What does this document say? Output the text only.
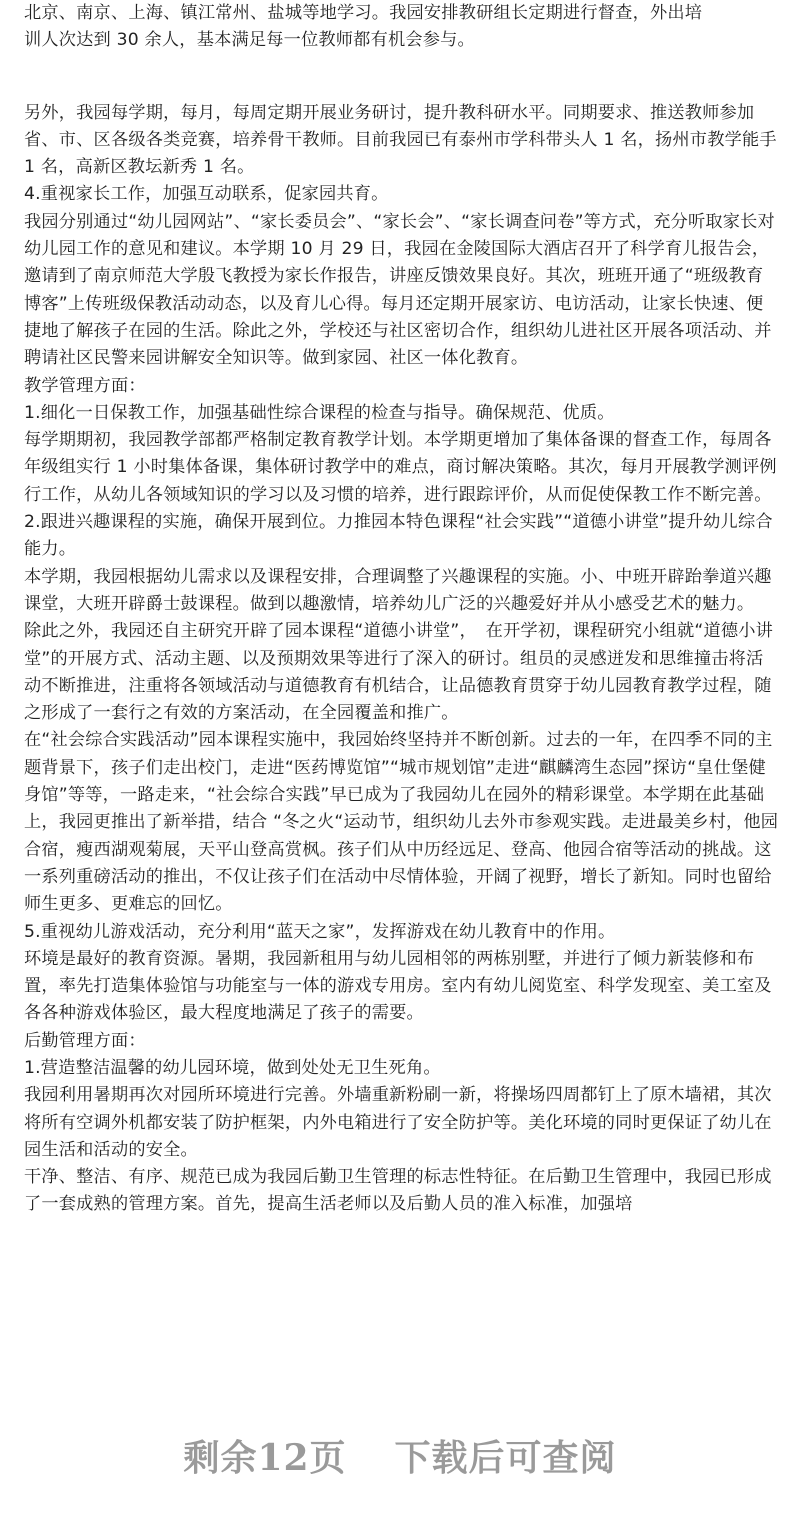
北京、南京、上海、镇江常州、盐城等地学习。我园安排教研组长定期进行督查，外出培

训人次达到 30 余人，基本满足每一位教师都有机会参与。

另外，我园每学期，每月，每周定期开展业务研讨，提升教科研水平。同期要求、推送教师参加省、市、区各级各类竞赛，培养骨干教师。目前我园已有泰州市学科带头人 1 名，扬州市教学能手 1 名，高新区教坛新秀 1 名。

4.重视家长工作，加强互动联系，促家园共育。

我园分别通过“幼儿园网站”、“家长委员会”、“家长会”、“家长调查问卷”等方式，充分听取家长对幼儿园工作的意见和建议。本学期 10 月 29 日，我园在金陵国际大酒店召开了科学育儿报告会，邀请到了南京师范大学殷飞教授为家长作报告，讲座反馈效果良好。其次，班班开通了“班级教育博客”上传班级保教活动动态，以及育儿心得。每月还定期开展家访、电访活动，让家长快速、便捷地了解孩子在园的生活。除此之外，学校还与社区密切合作，组织幼儿进社区开展各项活动、并聘请社区民警来园讲解安全知识等。做到家园、社区一体化教育。

教学管理方面：

1.细化一日保教工作，加强基础性综合课程的检查与指导。确保规范、优质。

每学期期初，我园教学部都严格制定教育教学计划。本学期更增加了集体备课的督查工作，每周各年级组实行 1 小时集体备课，集体研讨教学中的难点，商讨解决策略。其次，每月开展教学测评例行工作，从幼儿各领域知识的学习以及习惯的培养，进行跟踪评价，从而促使保教工作不断完善。

2.跟进兴趣课程的实施，确保开展到位。力推园本特色课程“社会实践”“道德小讲堂”提升幼儿综合能力。

本学期，我园根据幼儿需求以及课程安排，合理调整了兴趣课程的实施。小、中班开辟跆拳道兴趣课堂，大班开辟爵士鼓课程。做到以趣激情，培养幼儿广泛的兴趣爱好并从小感受艺术的魅力。

除此之外，我园还自主研究开辟了园本课程“道德小讲堂”，　在开学初，课程研究小组就“道德小讲堂”的开展方式、活动主题、以及预期效果等进行了深入的研讨。组员的灵感迸发和思维撞击将活动不断推进，注重将各领域活动与道德教育有机结合，让品德教育贯穿于幼儿园教育教学过程，随之形成了一套行之有效的方案活动，在全园覆盖和推广。

在“社会综合实践活动”园本课程实施中，我园始终坚持并不断创新。过去的一年，在四季不同的主题背景下，孩子们走出校门，走进“医药博览馆”“城市规划馆”走进“麒麟湾生态园”探访“皇仕堡健身馆”等等，一路走来，“社会综合实践”早已成为了我园幼儿在园外的精彩课堂。本学期在此基础上，我园更推出了新举措，结合 “冬之火“运动节，组织幼儿去外市参观实践。走进最美乡村，他园合宿，瘦西湖观菊展，天平山登高赏枫。孩子们从中历经远足、登高、他园合宿等活动的挑战。这一系列重磅活动的推出，不仅让孩子们在活动中尽情体验，开阔了视野，增长了新知。同时也留给师生更多、更难忘的回忆。

5.重视幼儿游戏活动，充分利用“蓝天之家”，发挥游戏在幼儿教育中的作用。

环境是最好的教育资源。暑期，我园新租用与幼儿园相邻的两栋别墅，并进行了倾力新装修和布置，率先打造集体验馆与功能室与一体的游戏专用房。室内有幼儿阅览室、科学发现室、美工室及各各种游戏体验区，最大程度地满足了孩子的需要。

后勤管理方面：

1.营造整洁温馨的幼儿园环境，做到处处无卫生死角。

我园利用暑期再次对园所环境进行完善。外墙重新粉刷一新，将操场四周都钉上了原木墙裙，其次将所有空调外机都安装了防护框架，内外电箱进行了安全防护等。美化环境的同时更保证了幼儿在园生活和活动的安全。

干净、整洁、有序、规范已成为我园后勤卫生管理的标志性特征。在后勤卫生管理中，我园已形成了一套成熟的管理方案。首先，提高生活老师以及后勤人员的准入标准，加强培

剩余12页 下载后可查阅
